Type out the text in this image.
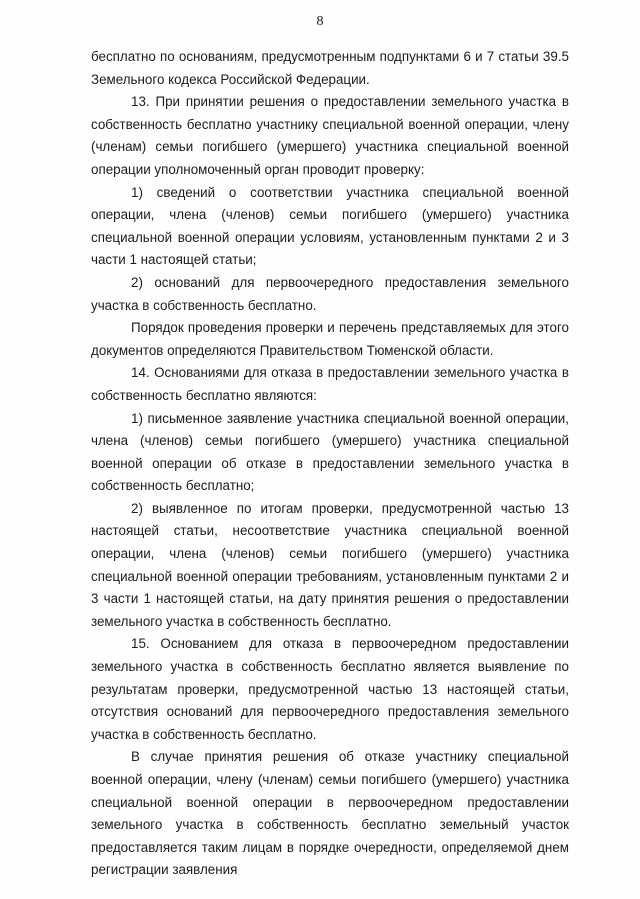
8

бесплатно по основаниям, предусмотренным подпунктами 6 и 7 статьи 39.5 Земельного кодекса Российской Федерации.

13. При принятии решения о предоставлении земельного участка в собственность бесплатно участнику специальной военной операции, члену (членам) семьи погибшего (умершего) участника специальной военной операции уполномоченный орган проводит проверку:

1) сведений о соответствии участника специальной военной операции, члена (членов) семьи погибшего (умершего) участника специальной военной операции условиям, установленным пунктами 2 и 3 части 1 настоящей статьи;

2) оснований для первоочередного предоставления земельного участка в собственность бесплатно.

Порядок проведения проверки и перечень представляемых для этого документов определяются Правительством Тюменской области.

14. Основаниями для отказа в предоставлении земельного участка в собственность бесплатно являются:

1) письменное заявление участника специальной военной операции, члена (членов) семьи погибшего (умершего) участника специальной военной операции об отказе в предоставлении земельного участка в собственность бесплатно;

2) выявленное по итогам проверки, предусмотренной частью 13 настоящей статьи, несоответствие участника специальной военной операции, члена (членов) семьи погибшего (умершего) участника специальной военной операции требованиям, установленным пунктами 2 и 3 части 1 настоящей статьи, на дату принятия решения о предоставлении земельного участка в собственность бесплатно.

15. Основанием для отказа в первоочередном предоставлении земельного участка в собственность бесплатно является выявление по результатам проверки, предусмотренной частью 13 настоящей статьи, отсутствия оснований для первоочередного предоставления земельного участка в собственность бесплатно.

В случае принятия решения об отказе участнику специальной военной операции, члену (членам) семьи погибшего (умершего) участника специальной военной операции в первоочередном предоставлении земельного участка в собственность бесплатно земельный участок предоставляется таким лицам в порядке очередности, определяемой днем регистрации заявления
